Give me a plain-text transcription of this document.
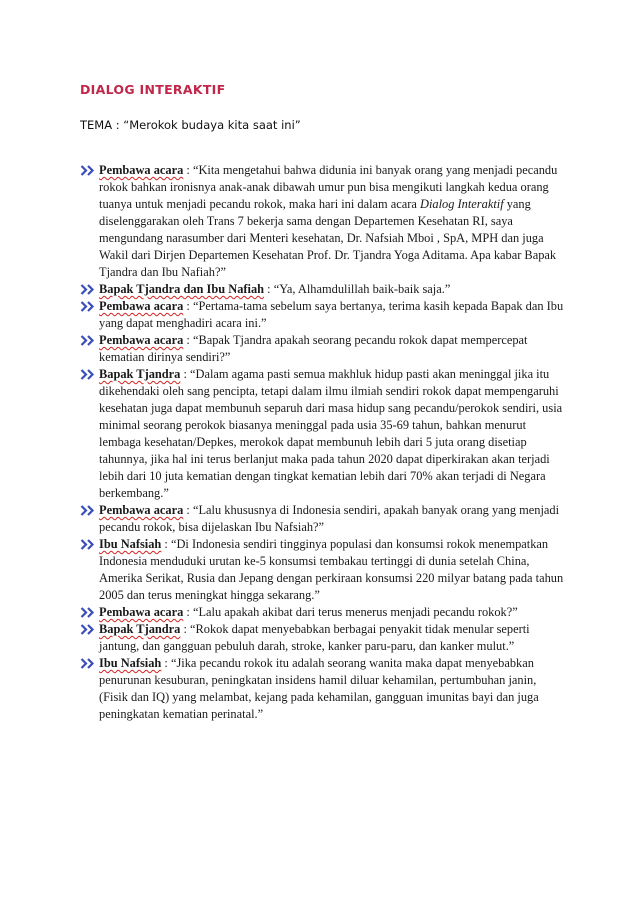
DIALOG INTERAKTIF

TEMA : “Merokok budaya kita saat ini”

Pembawa acara : “Kita mengetahui bahwa didunia ini banyak orang yang menjadi pecandu rokok bahkan ironisnya anak-anak dibawah umur pun bisa mengikuti langkah kedua orang tuanya untuk menjadi pecandu rokok, maka hari ini dalam acara Dialog Interaktif yang diselenggarakan oleh Trans 7 bekerja sama dengan Departemen Kesehatan RI, saya mengundang narasumber dari Menteri kesehatan, Dr. Nafsiah Mboi , SpA, MPH dan juga Wakil dari Dirjen Departemen Kesehatan Prof. Dr. Tjandra Yoga Aditama. Apa kabar Bapak Tjandra dan Ibu Nafiah?”
Bapak Tjandra dan Ibu Nafiah : “Ya, Alhamdulillah baik-baik saja.”
Pembawa acara : “Pertama-tama sebelum saya bertanya, terima kasih kepada Bapak dan Ibu yang dapat menghadiri acara ini.”
Pembawa acara : “Bapak Tjandra apakah seorang pecandu rokok dapat mempercepat kematian dirinya sendiri?”
Bapak Tjandra : “Dalam agama pasti semua makhluk hidup pasti akan meninggal jika itu dikehendaki oleh sang pencipta, tetapi dalam ilmu ilmiah sendiri rokok dapat mempengaruhi kesehatan juga dapat membunuh separuh dari masa hidup sang pecandu/perokok sendiri, usia minimal seorang perokok biasanya meninggal pada usia 35-69 tahun, bahkan menurut lembaga kesehatan/Depkes, merokok dapat membunuh lebih dari 5 juta orang disetiap tahunnya, jika hal ini terus berlanjut maka pada tahun 2020 dapat diperkirakan akan terjadi lebih dari 10 juta kematian dengan tingkat kematian lebih dari 70% akan terjadi di Negara berkembang.”
Pembawa acara : “Lalu khususnya di Indonesia sendiri, apakah banyak orang yang menjadi pecandu rokok, bisa dijelaskan Ibu Nafsiah?”
Ibu Nafsiah : “Di Indonesia sendiri tingginya populasi dan konsumsi rokok menempatkan Indonesia menduduki urutan ke-5 konsumsi tembakau tertinggi di dunia setelah China, Amerika Serikat, Rusia dan Jepang dengan perkiraan konsumsi 220 milyar batang pada tahun 2005 dan terus meningkat hingga sekarang.”
Pembawa acara : “Lalu apakah akibat dari terus menerus menjadi pecandu rokok?”
Bapak Tjandra : “Rokok dapat menyebabkan berbagai penyakit tidak menular seperti jantung, dan gangguan pebuluh darah, stroke, kanker paru-paru, dan kanker mulut.”
Ibu Nafsiah : “Jika pecandu rokok itu adalah seorang wanita maka dapat menyebabkan penurunan kesuburan, peningkatan insidens hamil diluar kehamilan, pertumbuhan janin, (Fisik dan IQ) yang melambat, kejang pada kehamilan, gangguan imunitas bayi dan juga peningkatan kematian perinatal.”
